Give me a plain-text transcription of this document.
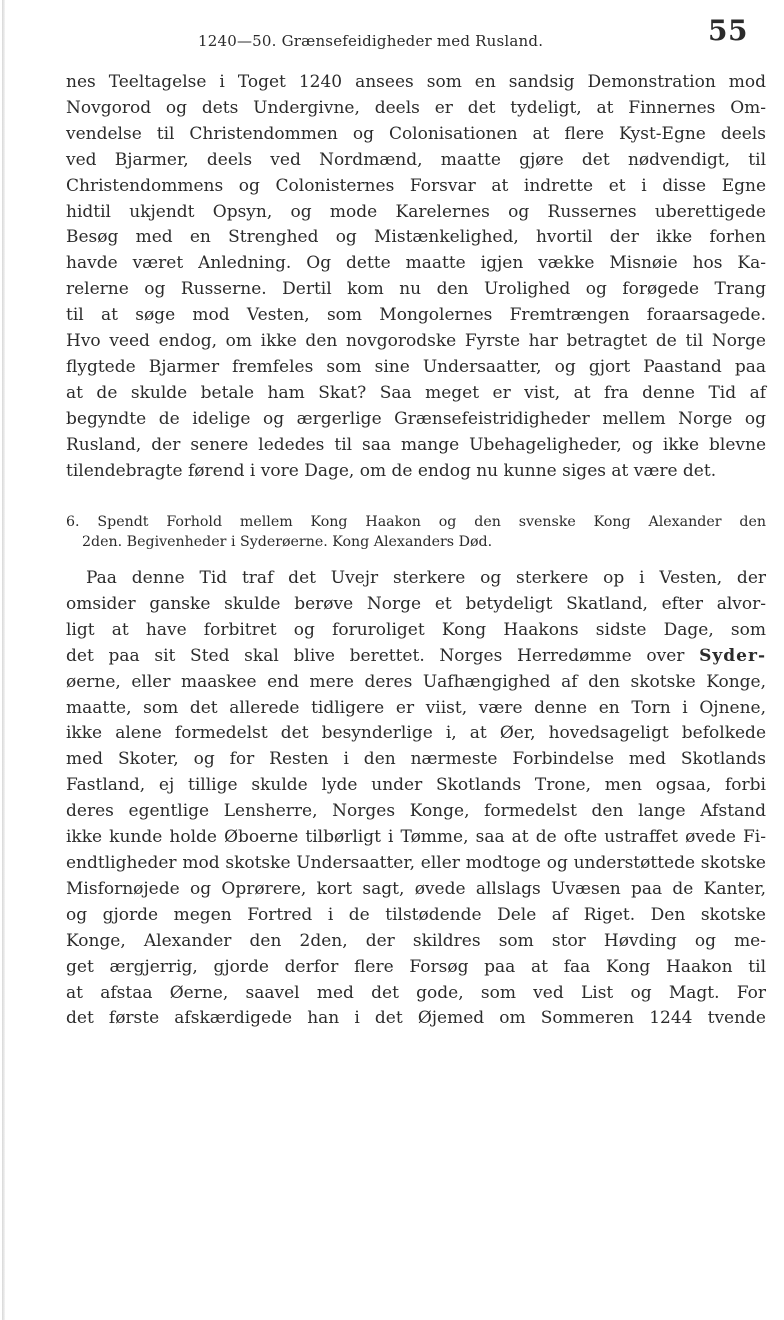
1240—50. Grænsefeidigheder med Rusland.	55
nes Teeltagelse i Toget 1240 ansees som en sandsig Demonstration mod
Novgorod og dets Undergivne, deels er det tydeligt, at Finnernes Om-
vendelse til Christendommen og Colonisationen at flere Kyst-Egne deels
ved Bjarmer, deels ved Nordmænd, maatte gjøre det nødvendigt, til
Christendommens og Colonisternes Forsvar at indrette et i disse Egne
hidtil ukjendt Opsyn, og mode Karelernes og Russernes uberettigede
Besøg med en Strenghed og Mistænkelighed, hvortil der ikke forhen
havde været Anledning. Og dette maatte igjen vække Misnøie hos Ka-
relerne og Russerne. Dertil kom nu den Urolighed og forøgede Trang
til at søge mod Vesten, som Mongolernes Fremtrængen foraarsagede.
Hvo veed endog, om ikke den novgorodske Fyrste har betragtet de til Norge
flygtede Bjarmer fremfeles som sine Undersaatter, og gjort Paastand paa
at de skulde betale ham Skat? Saa meget er vist, at fra denne Tid af
begyndte de idelige og ærgerlige Grænsefeistridigheder mellem Norge og
Rusland, der senere lededes til saa mange Ubehageligheder, og ikke blevne
tilendebragte førend i vore Dage, om de endog nu kunne siges at være det.
6. Spendt Forhold mellem Kong Haakon og den svenske Kong Alexander den
2den. Begivenheder i Syderøerne. Kong Alexanders Død.
Paa denne Tid traf det Uvejr sterkere og sterkere op i Vesten, der
omsider ganske skulde berøve Norge et betydeligt Skatland, efter alvor-
ligt at have forbitret og foruroliget Kong Haakons sidste Dage, som
det paa sit Sted skal blive berettet. Norges Herredømme over Syder-
øerne, eller maaskee end mere deres Uafhængighed af den skotske Konge,
maatte, som det allerede tidligere er viist, være denne en Torn i Ojnene,
ikke alene formedelst det besynderlige i, at Øer, hovedsageligt befolkede
med Skoter, og for Resten i den nærmeste Forbindelse med Skotlands
Fastland, ej tillige skulde lyde under Skotlands Trone, men ogsaa, forbi
deres egentlige Lensherre, Norges Konge, formedelst den lange Afstand
ikke kunde holde Øboerne tilbørligt i Tømme, saa at de ofte ustraffet øvede Fi-
endtligheder mod skotske Undersaatter, eller modtoge og understøttede skotske
Misfornøjede og Oprørere, kort sagt, øvede allslags Uvæsen paa de Kanter,
og gjorde megen Fortred i de tilstødende Dele af Riget. Den skotske
Konge, Alexander den 2den, der skildres som stor Høvding og me-
get ærgjerrig, gjorde derfor flere Forsøg paa at faa Kong Haakon til
at afstaa Øerne, saavel med det gode, som ved List og Magt. For
det første afskærdigede han i det Øjemed om Sommeren 1244 tvende
